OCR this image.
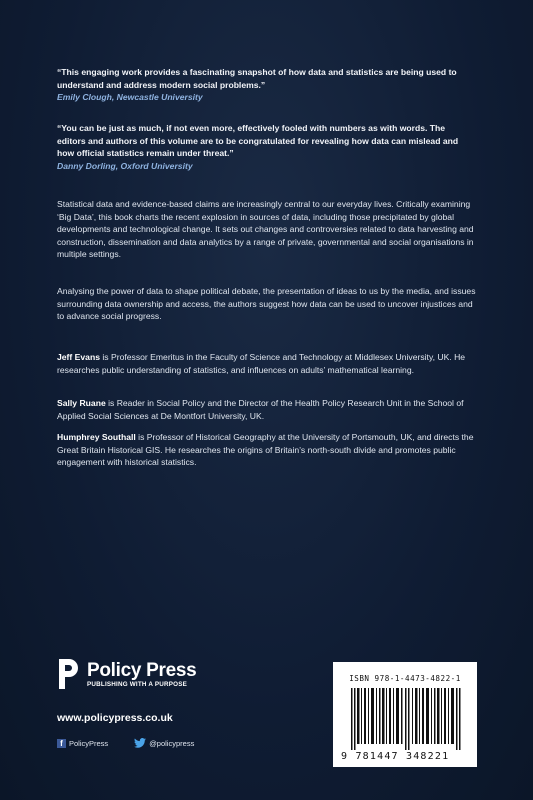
“This engaging work provides a fascinating snapshot of how data and statistics are being used to understand and address modern social problems.”
Emily Clough, Newcastle University
“You can be just as much, if not even more, effectively fooled with numbers as with words. The editors and authors of this volume are to be congratulated for revealing how data can mislead and how official statistics remain under threat.”
Danny Dorling, Oxford University
Statistical data and evidence-based claims are increasingly central to our everyday lives. Critically examining ‘Big Data’, this book charts the recent explosion in sources of data, including those precipitated by global developments and technological change. It sets out changes and controversies related to data harvesting and construction, dissemination and data analytics by a range of private, governmental and social organisations in multiple settings.
Analysing the power of data to shape political debate, the presentation of ideas to us by the media, and issues surrounding data ownership and access, the authors suggest how data can be used to uncover injustices and to advance social progress.
Jeff Evans is Professor Emeritus in the Faculty of Science and Technology at Middlesex University, UK. He researches public understanding of statistics, and influences on adults’ mathematical learning.
Sally Ruane is Reader in Social Policy and the Director of the Health Policy Research Unit in the School of Applied Social Sciences at De Montfort University, UK.
Humphrey Southall is Professor of Historical Geography at the University of Portsmouth, UK, and directs the Great Britain Historical GIS. He researches the origins of Britain’s north-south divide and promotes public engagement with historical statistics.
Policy Press
PUBLISHING WITH A PURPOSE
www.policypress.co.uk
f PolicyPress	@policypress
ISBN 978-1-4473-4822-1
9 781447 348221
